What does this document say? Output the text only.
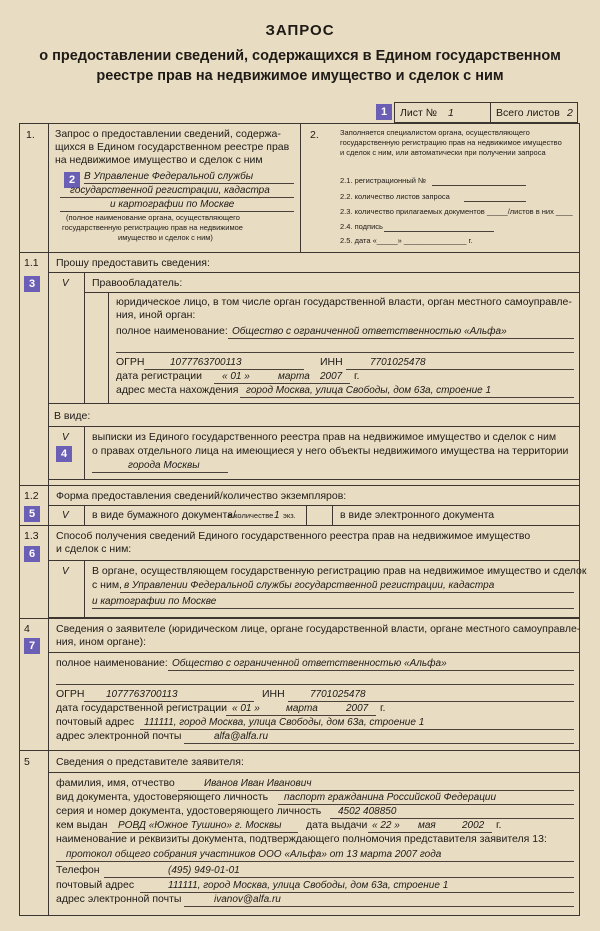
ЗАПРОС
о предоставлении сведений, содержащихся в Едином государственном
реестре прав на недвижимое имущество и сделок с ним
1	Лист № 1	Всего листов 2
1. Запрос о предоставлении сведений, содержа-
щихся в Едином государственном реестре прав
на недвижимое имущество и сделок с ним
2 В Управление Федеральной службы
государственной регистрации, кадастра
и картографии по Москве
(полное наименование органа, осуществляющего
государственную регистрацию прав на недвижимое
имущество и сделок с ним)
2.	Заполняется специалистом органа, осуществляющего
государственную регистрацию прав на недвижимое имущество
и сделок с ним, или автоматически при получении запроса
2.1. регистрационный №
2.2. количество листов запроса
2.3. количество прилагаемых документов _____/листов в них ____
2.4. подпись
2.5. дата «_____» _______________ г.
1.1 Прошу предоставить сведения:
3	V Правообладатель:
юридическое лицо, в том числе орган государственной власти, орган местного самоуправле-
ния, иной орган:
полное наименование: Общество с ограниченной ответственностью «Альфа»
ОГРН	1077763700113	ИНН	7701025478
дата регистрации « 01 »	марта 2007 г.
адрес места нахождения город Москва, улица Свободы, дом 63а, строение 1
В виде:
V
4
выписки из Единого государственного реестра прав на недвижимое имущество и сделок с ним
о правах отдельного лица на имеющиеся у него объекты недвижимого имущества на территории
города Москвы
1.2
5
Форма предоставления сведений/количество экземпляров:
V в виде бумажного документа/
в количестве 1 экз.	в виде электронного документа
1.3
6
Способ получения сведений Единого государственного реестра прав на недвижимое имущество
и сделок с ним:
V В органе, осуществляющем государственную регистрацию прав на недвижимое имущество и сделок
с ним, в Управлении Федеральной службы государственной регистрации, кадастра
и картографии по Москве
4
7
Сведения о заявителе (юридическом лице, органе государственной власти, органе местного самоуправле-
ния, ином органе):
полное наименование: Общество с ограниченной ответственностью «Альфа»
ОГРН 1077763700113	ИНН	7701025478
дата государственной регистрации « 01 »	марта	2007 г.
почтовый адрес 111111, город Москва, улица Свободы, дом 63а, строение 1
адрес электронной почты	alfa@alfa.ru
5 Сведения о представителе заявителя:
фамилия, имя, отчество	Иванов Иван Иванович
вид документа, удостоверяющего личность паспорт гражданина Российской Федерации
серия и номер документа, удостоверяющего личность 4502 408850
кем выдан РОВД «Южное Тушино» г. Москвы дата выдачи « 22 » мая	2002 г.
наименование и реквизиты документа, подтверждающего полномочия представителя заявителя 13:
протокол общего собрания участников ООО «Альфа» от 13 марта 2007 года
Телефон	(495) 949-01-01
почтовый адрес	111111, город Москва, улица Свободы, дом 63а, строение 1
адрес электронной почты	ivanov@alfa.ru
